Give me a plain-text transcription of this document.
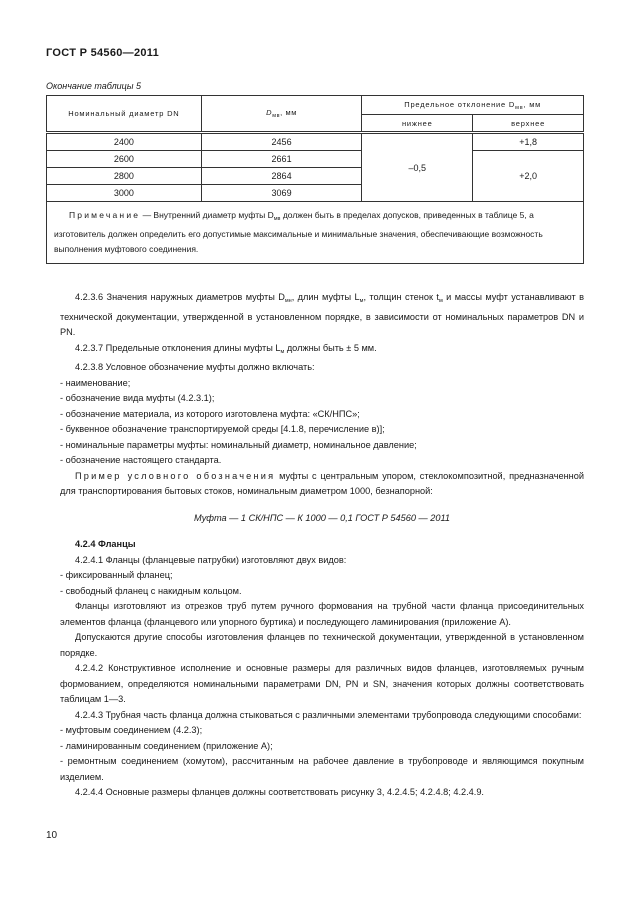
ГОСТ Р 54560—2011
Окончание таблицы 5
Номинальный диаметр DN	$D_{мв}$, мм	Предельное отклонение $D_{мв}$, мм	
		нижнее	верхнее

2400	2456	–0,5	+1,8
2600	2661		+2,0
2800	2864		
3000	3069		
Примечание — Внутренний диаметр муфты $D_{мв}$ должен быть в пределах допусков, приведенных в таблице 5, а изготовитель должен определить его допустимые максимальные и минимальные значения, обеспечивающие возможность выполнения муфтового соединения.			

4.2.3.6 Значения наружных диаметров муфты $D_{мн}$, длин муфты $L_м$, толщин стенок $t_м$ и массы муфт устанавливают в технической документации, утвержденной в установленном порядке, в зависимости от номинальных параметров DN и PN.

4.2.3.7 Предельные отклонения длины муфты $L_м$ должны быть ± 5 мм.

4.2.3.8 Условное обозначение муфты должно включать:

- наименование;

- обозначение вида муфты (4.2.3.1);

- обозначение материала, из которого изготовлена муфта: «СК/НПС»;

- буквенное обозначение транспортируемой среды [4.1.8, перечисление в)];

- номинальные параметры муфты: номинальный диаметр, номинальное давление;

- обозначение настоящего стандарта.

Пример условного обозначения муфты с центральным упором, стеклокомпозитной, предназначенной для транспортирования бытовых стоков, номинальным диаметром 1000, безнапорной:

Муфта — 1 СК/НПС — К 1000 — 0,1 ГОСТ Р 54560 — 2011

4.2.4 Фланцы

4.2.4.1 Фланцы (фланцевые патрубки) изготовляют двух видов:

- фиксированный фланец;

- свободный фланец с накидным кольцом.

Фланцы изготовляют из отрезков труб путем ручного формования на трубной части фланца присоединительных элементов фланца (фланцевого или упорного буртика) и последующего ламинирования (приложение А).

Допускаются другие способы изготовления фланцев по технической документации, утвержденной в установленном порядке.

4.2.4.2 Конструктивное исполнение и основные размеры для различных видов фланцев, изготовляемых ручным формованием, определяются номинальными параметрами DN, PN и SN, значения которых должны соответствовать таблицам 1—3.

4.2.4.3 Трубная часть фланца должна стыковаться с различными элементами трубопровода следующими способами:

- муфтовым соединением (4.2.3);

- ламинированным соединением (приложение А);

- ремонтным соединением (хомутом), рассчитанным на рабочее давление в трубопроводе и являющимся покупным изделием.

4.2.4.4 Основные размеры фланцев должны соответствовать рисунку 3, 4.2.4.5; 4.2.4.8; 4.2.4.9.

10
